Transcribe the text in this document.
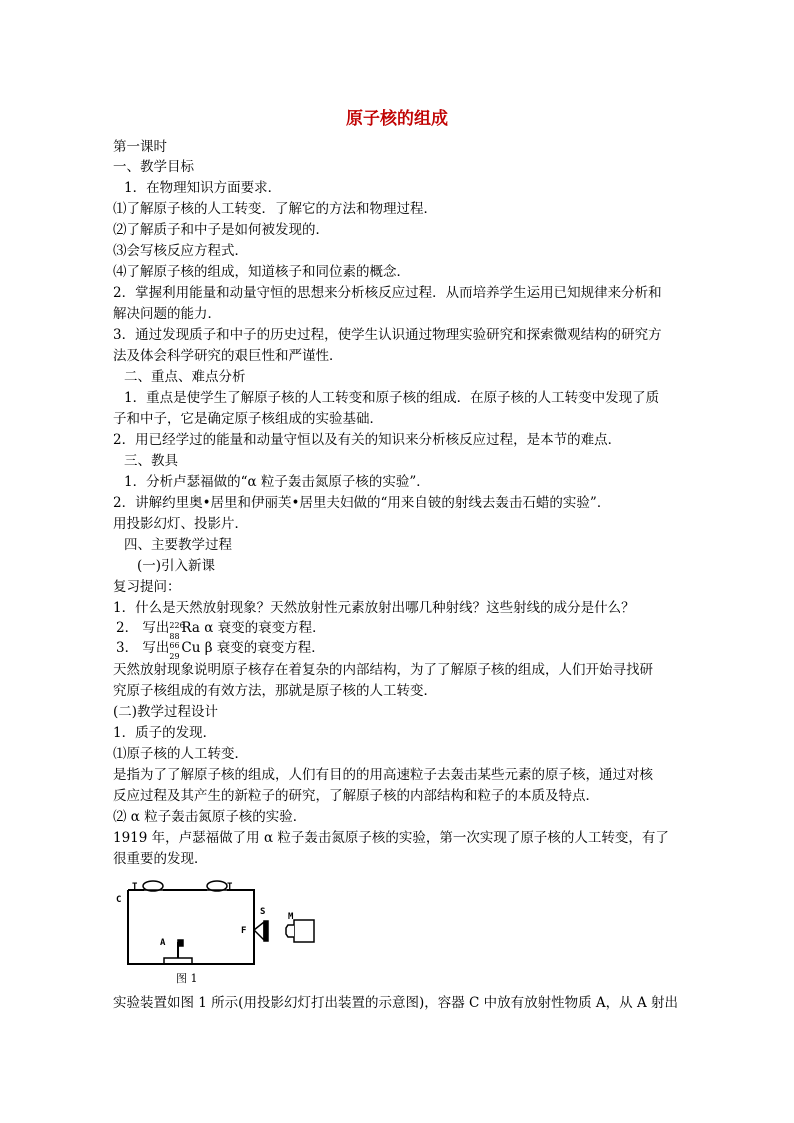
原子核的组成
第一课时
一、教学目标
1．在物理知识方面要求．
⑴了解原子核的人工转变．了解它的方法和物理过程．
⑵了解质子和中子是如何被发现的．
⑶会写核反应方程式．
⑷了解原子核的组成，知道核子和同位素的概念．
2．掌握利用能量和动量守恒的思想来分析核反应过程．从而培养学生运用已知规律来分析和
解决问题的能力．
3．通过发现质子和中子的历史过程，使学生认识通过物理实验研究和探索微观结构的研究方
法及体会科学研究的艰巨性和严谨性．
二、重点、难点分析
1．重点是使学生了解原子核的人工转变和原子核的组成．在原子核的人工转变中发现了质
子和中子，它是确定原子核组成的实验基础．
2．用已经学过的能量和动量守恒以及有关的知识来分析核反应过程，是本节的难点．
三、教具
1．分析卢瑟福做的“α 粒子轰击氮原子核的实验”．
2．讲解约里奥•居里和伊丽芙•居里夫妇做的“用来自铍的射线去轰击石蜡的实验”．
用投影幻灯、投影片．
四、主要教学过程
(一)引入新课
复习提问：
1．什么是天然放射现象？天然放射性元素放射出哪几种射线？这些射线的成分是什么？
2． 写出 226
88 Ra α 衰变的衰变方程．
3． 写出 66
29 Cu β 衰变的衰变方程．
天然放射现象说明原子核存在着复杂的内部结构，为了了解原子核的组成，人们开始寻找研
究原子核组成的有效方法，那就是原子核的人工转变．
(二)教学过程设计
1．质子的发现．
⑴原子核的人工转变．
是指为了了解原子核的组成，人们有目的的用高速粒子去轰击某些元素的原子核，通过对核
反应过程及其产生的新粒子的研究，了解原子核的内部结构和粒子的本质及特点．
⑵ α 粒子轰击氮原子核的实验．
1919 年，卢瑟福做了用 α 粒子轰击氮原子核的实验，第一次实现了原子核的人工转变，有了
很重要的发现．
T	T
C
S	M
F
A
图 1
实验装置如图 1 所示(用投影幻灯打出装置的示意图)，容器 C 中放有放射性物质 A，从 A 射出
